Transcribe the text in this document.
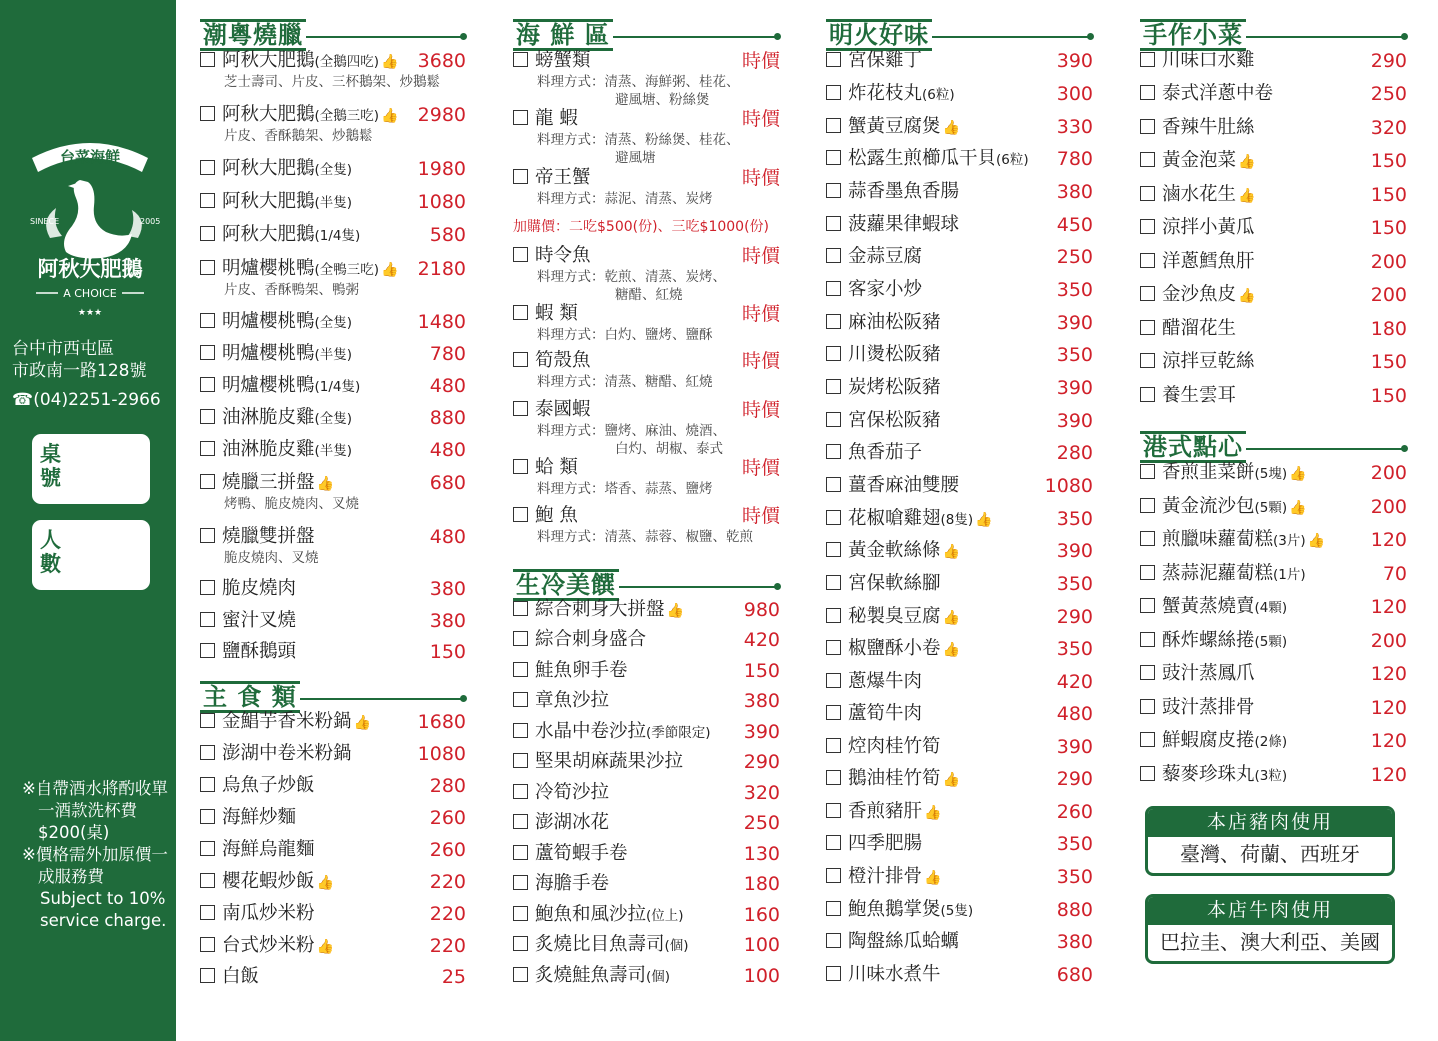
台菜海鮮
SINECE	2005
阿秋大肥鵝
A CHOICE
★★★
台中市西屯區
市政南一路128號
☎(04)2251-2966
桌
號
人
數

※自帶酒水將酌收單一酒款洗杯費$200(桌)

※價格需外加原價一成服務費

Subject to 10% service charge.

潮粵燒臘
阿秋大肥鵝(全鵝四吃) 👍 3680
芝士壽司、片皮、三杯鵝架、炒鵝鬆
阿秋大肥鵝(全鵝三吃) 👍 2980
片皮、香酥鵝架、炒鵝鬆
阿秋大肥鵝(全隻)	1980
阿秋大肥鵝(半隻)	1080
阿秋大肥鵝(1/4隻)	580
明爐櫻桃鴨(全鴨三吃) 👍 2180
片皮、香酥鴨架、鴨粥
明爐櫻桃鴨(全隻)	1480
明爐櫻桃鴨(半隻)	780
明爐櫻桃鴨(1/4隻)	480
油淋脆皮雞(全隻)	880
油淋脆皮雞(半隻)	480
燒臘三拼盤 👍	680
烤鴨、脆皮燒肉、叉燒
燒臘雙拼盤	480
脆皮燒肉、叉燒
脆皮燒肉	380
蜜汁叉燒	380
鹽酥鵝頭	150
主 食 類
金鯧芋香米粉鍋 👍 1680
澎湖中卷米粉鍋	1080
烏魚子炒飯	280
海鮮炒麵	260
海鮮烏龍麵	260
櫻花蝦炒飯 👍	220
南瓜炒米粉	220
台式炒米粉 👍	220
白飯	25
海 鮮 區
螃蟹類	時價
料理方式：清蒸、海鮮粥、桂花、
避風塘、粉絲煲
龍 蝦	時價
料理方式：清蒸、粉絲煲、桂花、
避風塘
帝王蟹	時價
料理方式：蒜泥、清蒸、炭烤
時令魚	時價
料理方式：乾煎、清蒸、炭烤、
糖醋、紅燒
蝦 類	時價
料理方式：白灼、鹽烤、鹽酥
筍殼魚	時價
料理方式：清蒸、糖醋、紅燒
泰國蝦	時價
料理方式：鹽烤、麻油、燒酒、
白灼、胡椒、泰式
蛤 類	時價
料理方式：塔香、蒜蒸、鹽烤
鮑 魚	時價
料理方式：清蒸、蒜蓉、椒鹽、乾煎
加購價：二吃$500(份)、三吃$1000(份)
生冷美饌
綜合刺身大拼盤 👍	980
綜合刺身盛合	420
鮭魚卵手卷	150
章魚沙拉	380
水晶中卷沙拉(季節限定) 390
堅果胡麻蔬果沙拉	290
冷筍沙拉	320
澎湖冰花	250
蘆筍蝦手卷	130
海膽手卷	180
鮑魚和風沙拉(位上)	160
炙燒比目魚壽司(個)	100
炙燒鮭魚壽司(個)	100
明火好味
宮保雞丁	390
炸花枝丸(6粒)	300
蟹黃豆腐煲 👍	330
松露生煎櫛瓜干貝(6粒) 780
蒜香墨魚香腸	380
菠蘿果律蝦球	450
金蒜豆腐	250
客家小炒	350
麻油松阪豬	390
川燙松阪豬	350
炭烤松阪豬	390
宮保松阪豬	390
魚香茄子	280
薑香麻油雙腰	1080
花椒嗆雞翅(8隻) 👍	350
黃金軟絲條 👍	390
宮保軟絲腳	350
秘製臭豆腐 👍	290
椒鹽酥小卷 👍	350
蔥爆牛肉	420
蘆筍牛肉	480
焢肉桂竹筍	390
鵝油桂竹筍 👍	290
香煎豬肝 👍	260
四季肥腸	350
橙汁排骨 👍	350
鮑魚鵝掌煲(5隻)	880
陶盤絲瓜蛤蠣	380
川味水煮牛	680
手作小菜
川味口水雞	290
泰式洋蔥中卷	250
香辣牛肚絲	320
黃金泡菜 👍	150
滷水花生 👍	150
涼拌小黃瓜	150
洋蔥鱈魚肝	200
金沙魚皮 👍	200
醋溜花生	180
涼拌豆乾絲	150
養生雲耳	150
港式點心
香煎韭菜餅(5塊) 👍	200
黃金流沙包(5顆) 👍	200
煎臘味蘿蔔糕(3片) 👍 120
蒸蒜泥蘿蔔糕(1片)	70
蟹黃蒸燒賣(4顆)	120
酥炸螺絲捲(5顆)	200
豉汁蒸鳳爪	120
豉汁蒸排骨	120
鮮蝦腐皮捲(2條)	120
藜麥珍珠丸(3粒)	120
本店豬肉使用
臺灣、荷蘭、西班牙
本店牛肉使用
巴拉圭、澳大利亞、美國
